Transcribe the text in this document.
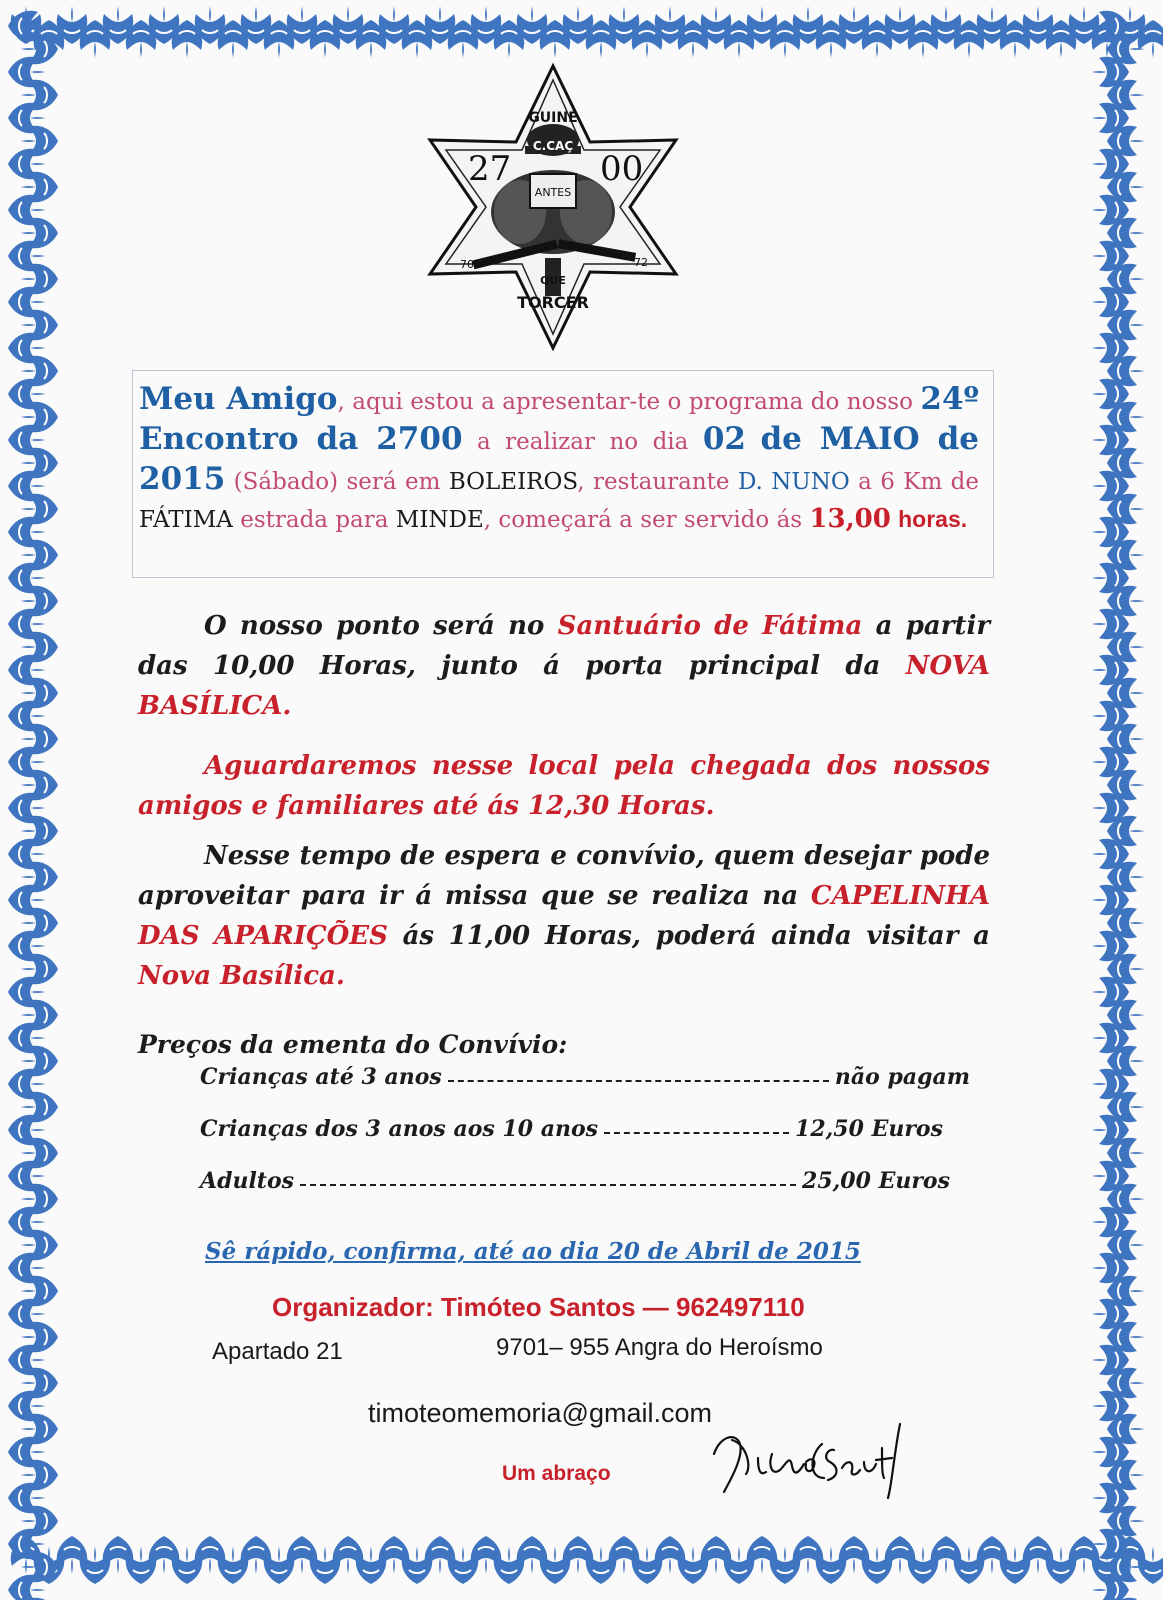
GUINÉ
C.CAÇ
27	00
ANTES
70	72
QUE
TORCER
Meu Amigo, aqui estou a apresentar-te o programa do nosso 24º Encontro da 2700 a realizar no dia 02 de MAIO de 2015 (Sábado) será em BOLEIROS, restaurante D. NUNO a 6 Km de FÁTIMA estrada para MINDE, começará a ser servido ás 13,00 horas.
O nosso ponto será no Santuário de Fátima a partir das 10,00 Horas, junto á porta principal da NOVA BASÍLICA.
Aguardaremos nesse local pela chegada dos nossos amigos e familiares até ás 12,30 Horas.
Nesse tempo de espera e convívio, quem desejar pode aproveitar para ir á missa que se realiza na CAPELINHA DAS APARIÇÕES ás 11,00 Horas, poderá ainda visitar a Nova Basílica.
Preços da ementa do Convívio:
Crianças até 3 anos	não pagam
Crianças dos 3 anos aos 10 anos	12,50 Euros
Adultos	25,00 Euros
Sê rápido, confirma, até ao dia 20 de Abril de 2015
Organizador: Timóteo Santos — 962497110
Apartado 21	9701– 955 Angra do Heroísmo
timoteomemoria@gmail.com
Um abraço
